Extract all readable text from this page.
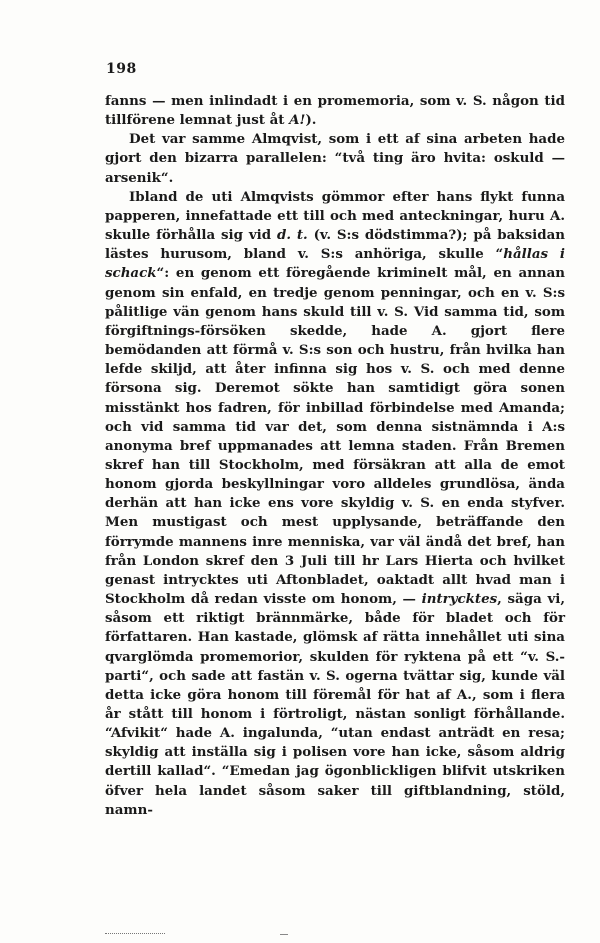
198

fanns — men inlindadt i en promemoria, som v. S. någon tid tillförene lemnat just åt A!).

Det var samme Almqvist, som i ett af sina arbeten hade gjort den bizarra parallelen: “två ting äro hvita: oskuld — arsenik“.

Ibland de uti Almqvists gömmor efter hans flykt funna papperen, innefattade ett till och med anteckningar, huru A. skulle förhålla sig vid d. t. (v. S:s dödstimma?); på baksidan lästes hurusom, bland v. S:s anhöriga, skulle “hållas i schack“: en genom ett föregående kriminelt mål, en annan genom sin enfald, en tredje genom penningar, och en v. S:s pålitlige vän genom hans skuld till v. S. Vid samma tid, som förgiftnings-försöken skedde, hade A. gjort flere bemödanden att förmå v. S:s son och hustru, från hvilka han lefde skiljd, att åter infinna sig hos v. S. och med denne försona sig. Deremot sökte han samtidigt göra sonen misstänkt hos fadren, för inbillad förbindelse med Amanda; och vid samma tid var det, som denna sistnämnda i A:s anonyma bref uppmanades att lemna staden. Från Bremen skref han till Stockholm, med försäkran att alla de emot honom gjorda beskyllningar voro alldeles grundlösa, ända derhän att han icke ens vore skyldig v. S. en enda styfver. Men mustigast och mest upplysande, beträffande den förrymde mannens inre menniska, var väl ändå det bref, han från London skref den 3 Juli till hr Lars Hierta och hvilket genast intrycktes uti Aftonbladet, oaktadt allt hvad man i Stockholm då redan visste om honom, — intrycktes, säga vi, såsom ett riktigt brännmärke, både för bladet och för författaren. Han kastade, glömsk af rätta innehållet uti sina qvarglömda promemorior, skulden för ryktena på ett “v. S.-parti“, och sade att fastän v. S. ogerna tvättar sig, kunde väl detta icke göra honom till föremål för hat af A., som i flera år stått till honom i förtroligt, nästan sonligt förhållande. “Afvikit“ hade A. ingalunda, “utan endast anträdt en resa; skyldig att inställa sig i polisen vore han icke, såsom aldrig dertill kallad“. “Emedan jag ögonblickligen blifvit utskriken öfver hela landet såsom saker till giftblandning, stöld, namn-
